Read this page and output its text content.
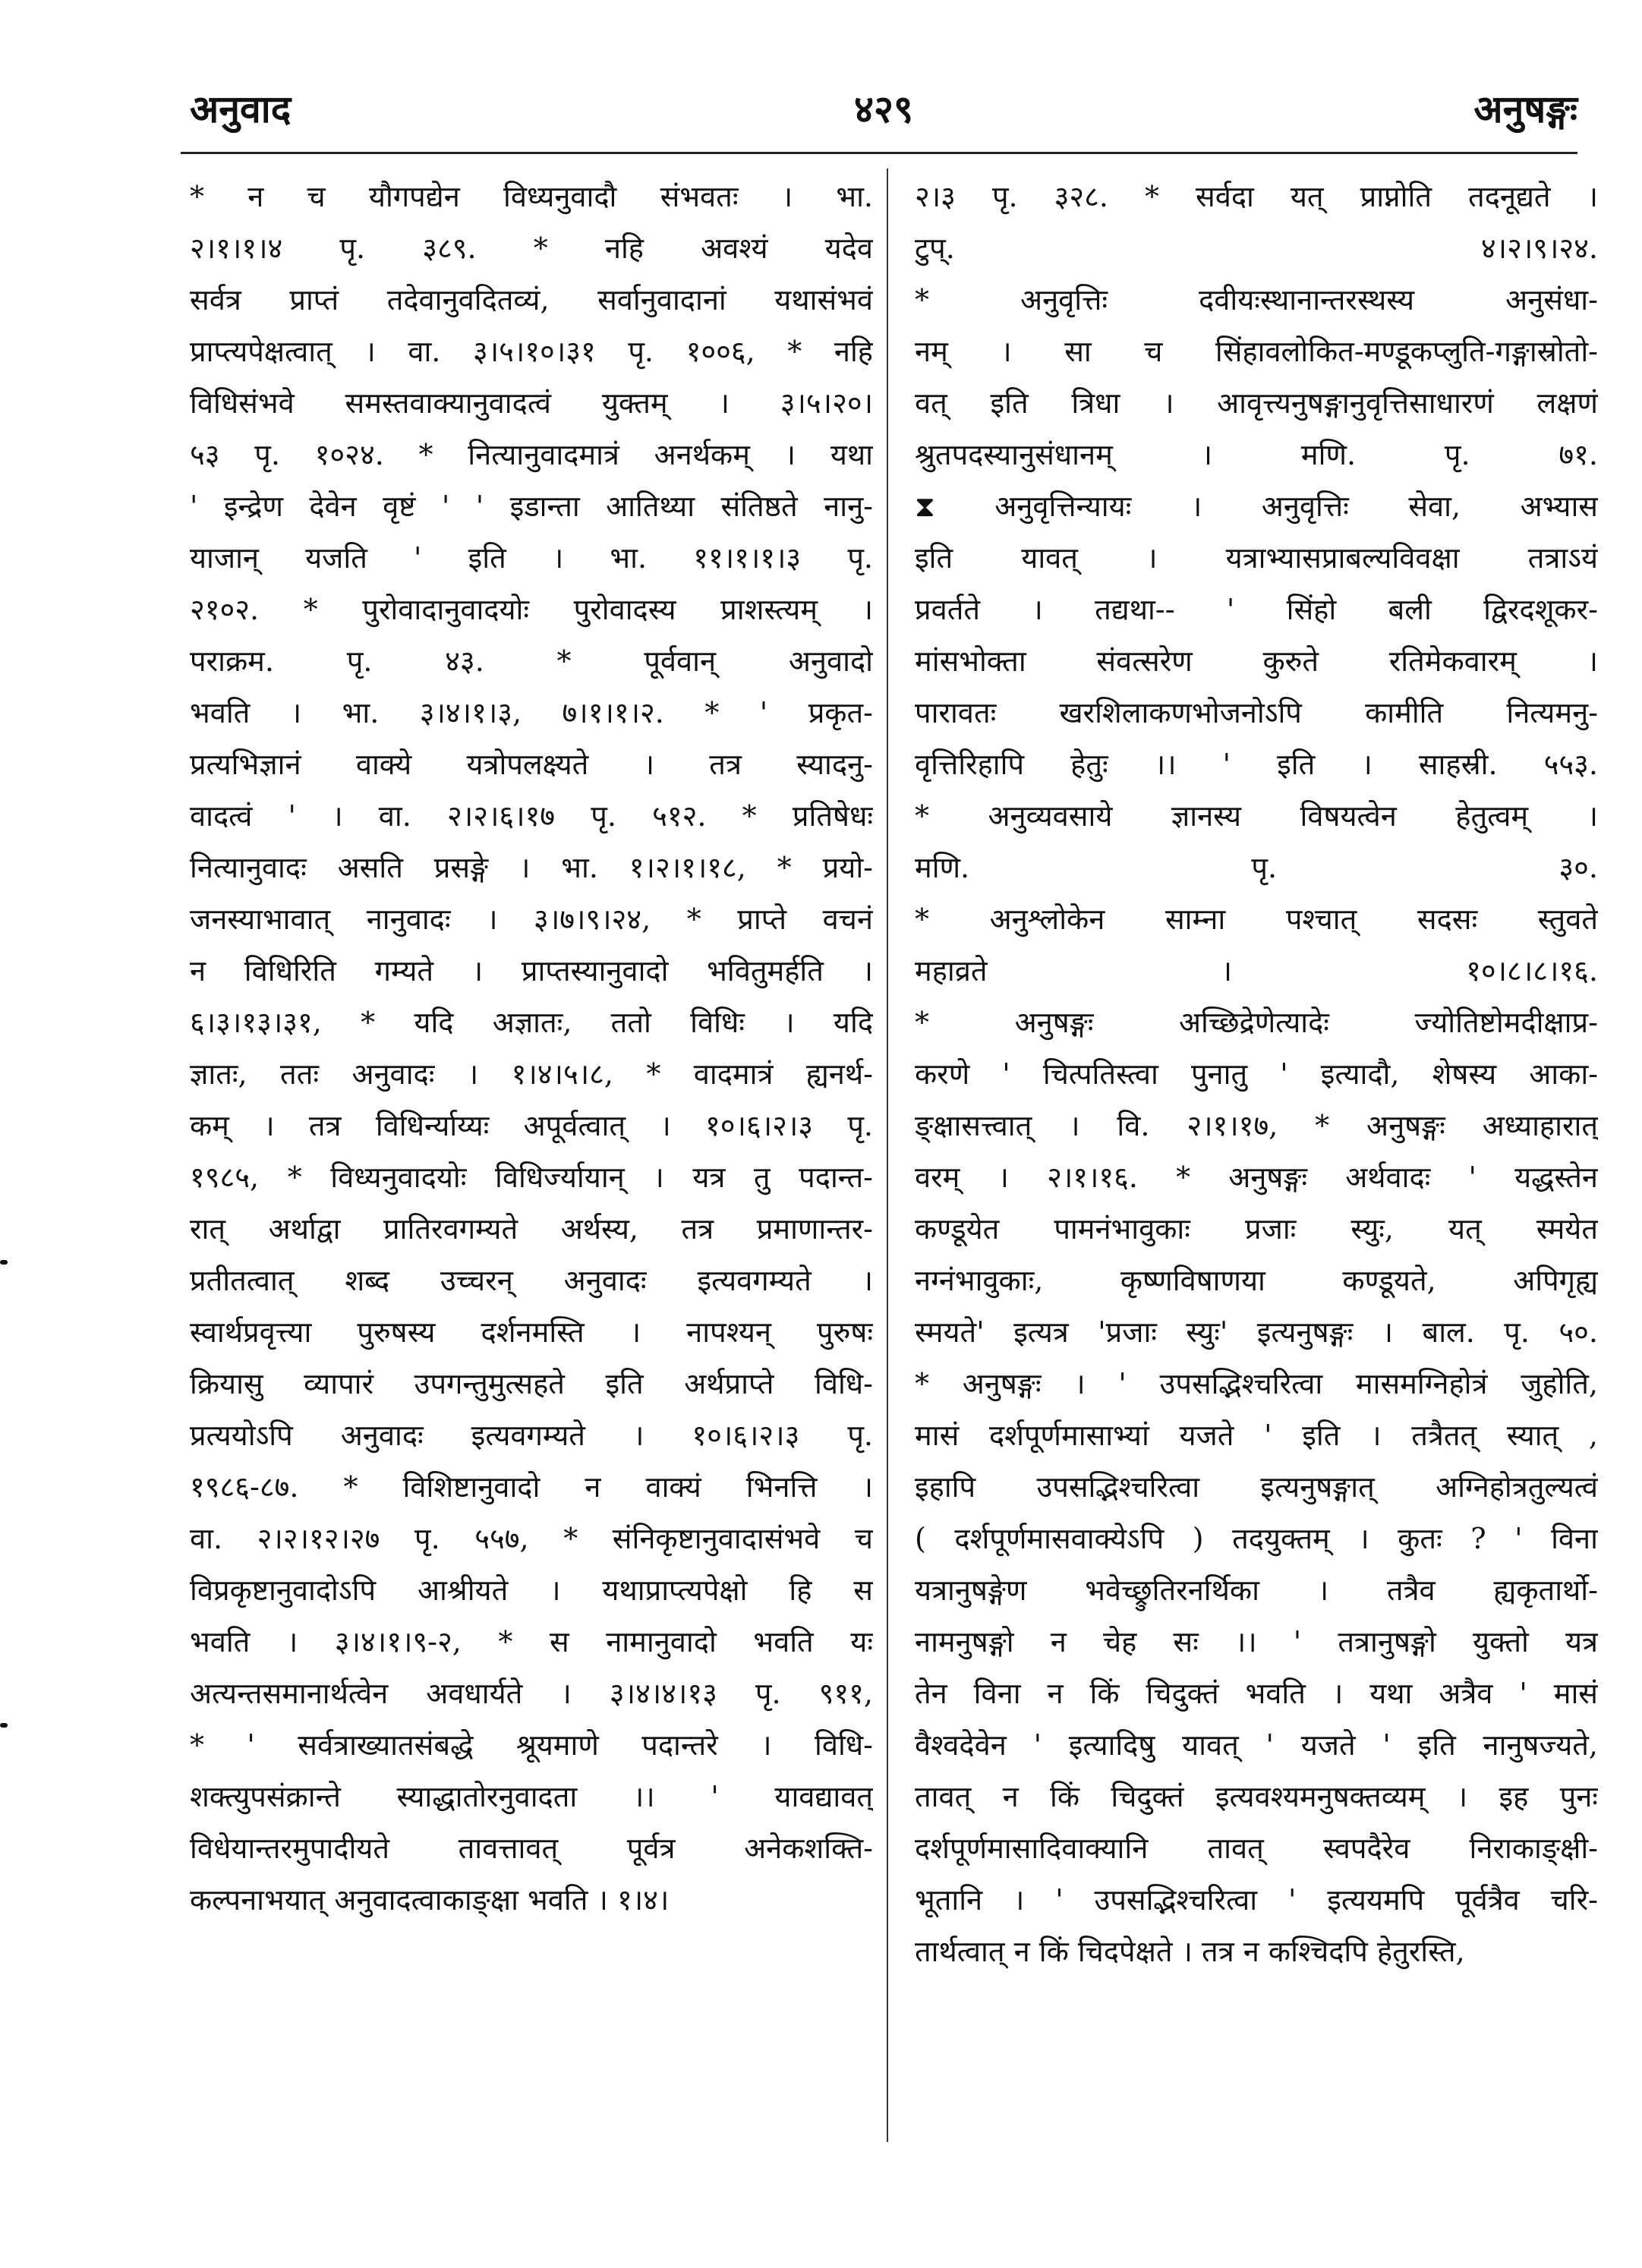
अनुवाद	४२९	अनुषङ्गः
* न च यौगपद्येन विध्यनुवादौ संभवतः । भा.
२।१।१।४ पृ. ३८९. * नहि अवश्यं यदेव
सर्वत्र प्राप्तं तदेवानुवदितव्यं, सर्वानुवादानां यथासंभवं
प्राप्त्यपेक्षत्वात् । वा. ३।५।१०।३१ पृ. १००६, * नहि
विधिसंभवे समस्तवाक्यानुवादत्वं युक्तम् । ३।५।२०।
५३ पृ. १०२४. * नित्यानुवादमात्रं अनर्थकम् । यथा
' इन्द्रेण देवेन वृष्टं ' ' इडान्ता आतिथ्या संतिष्ठते नानु-
याजान् यजति ' इति । भा. ११।१।१।३ पृ.
२१०२. * पुरोवादानुवादयोः पुरोवादस्य प्राशस्त्यम् ।
पराक्रम. पृ. ४३. * पूर्ववान् अनुवादो
भवति । भा. ३।४।१।३, ७।१।१।२. * ' प्रकृत-
प्रत्यभिज्ञानं वाक्ये यत्रोपलक्ष्यते । तत्र स्यादनु-
वादत्वं ' । वा. २।२।६।१७ पृ. ५१२. * प्रतिषेधः
नित्यानुवादः असति प्रसङ्गे । भा. १।२।१।१८, * प्रयो-
जनस्याभावात् नानुवादः । ३।७।९।२४, * प्राप्ते वचनं
न विधिरिति गम्यते । प्राप्तस्यानुवादो भवितुमर्हति ।
६।३।१३।३१, * यदि अज्ञातः, ततो विधिः । यदि
ज्ञातः, ततः अनुवादः । १।४।५।८, * वादमात्रं ह्यनर्थ-
कम् । तत्र विधिर्न्याय्यः अपूर्वत्वात् । १०।६।२।३ पृ.
१९८५, * विध्यनुवादयोः विधिर्ज्यायान् । यत्र तु पदान्त-
रात् अर्थाद्वा प्रातिरवगम्यते अर्थस्य, तत्र प्रमाणान्तर-
प्रतीतत्वात् शब्द उच्चरन् अनुवादः इत्यवगम्यते ।
स्वार्थप्रवृत्त्या पुरुषस्य दर्शनमस्ति । नापश्यन् पुरुषः
क्रियासु व्यापारं उपगन्तुमुत्सहते इति अर्थप्राप्ते विधि-
प्रत्ययोऽपि अनुवादः इत्यवगम्यते । १०।६।२।३ पृ.
१९८६-८७. * विशिष्टानुवादो न वाक्यं भिनत्ति ।
वा. २।२।१२।२७ पृ. ५५७, * संनिकृष्टानुवादासंभवे च
विप्रकृष्टानुवादोऽपि आश्रीयते । यथाप्राप्त्यपेक्षो हि स
भवति । ३।४।१।९-२, * स नामानुवादो भवति यः
अत्यन्तसमानार्थत्वेन अवधार्यते । ३।४।४।१३ पृ. ९११,
* ' सर्वत्राख्यातसंबद्धे श्रूयमाणे पदान्तरे । विधि-
शक्त्युपसंक्रान्ते स्याद्धातोरनुवादता ।। ' यावद्यावत्
विधेयान्तरमुपादीयते तावत्तावत् पूर्वत्र अनेकशक्ति-
कल्पनाभयात् अनुवादत्वाकाङ्क्षा भवति । १।४।
२।३ पृ. ३२८. * सर्वदा यत् प्राप्नोति तदनूद्यते ।
टुप्. ४।२।९।२४.
* अनुवृत्तिः दवीयःस्थानान्तरस्थस्य अनुसंधा-
नम् । सा च सिंहावलोकित-मण्डूकप्लुति-गङ्गास्रोतो-
वत् इति त्रिधा । आवृत्त्यनुषङ्गानुवृत्तिसाधारणं लक्षणं
श्रुतपदस्यानुसंधानम् । मणि. पृ. ७१.
⧗ अनुवृत्तिन्यायः । अनुवृत्तिः सेवा, अभ्यास
इति यावत् । यत्राभ्यासप्राबल्यविवक्षा तत्राऽयं
प्रवर्तते । तद्यथा-- ' सिंहो बली द्विरदशूकर-
मांसभोक्ता संवत्सरेण कुरुते रतिमेकवारम् ।
पारावतः खरशिलाकणभोजनोऽपि कामीति नित्यमनु-
वृत्तिरिहापि हेतुः ।। ' इति । साहस्री. ५५३.
* अनुव्यवसाये ज्ञानस्य विषयत्वेन हेतुत्वम् ।
मणि. पृ. ३०.
* अनुश्लोकेन साम्ना पश्चात् सदसः स्तुवते
महाव्रते । १०।८।८।१६.
* अनुषङ्गः अच्छिद्रेणेत्यादेः ज्योतिष्टोमदीक्षाप्र-
करणे ' चित्पतिस्त्वा पुनातु ' इत्यादौ, शेषस्य आका-
ङ्क्षासत्त्वात् । वि. २।१।१७, * अनुषङ्गः अध्याहारात्
वरम् । २।१।१६. * अनुषङ्गः अर्थवादः ' यद्धस्तेन
कण्डूयेत पामनंभावुकाः प्रजाः स्युः, यत् स्मयेत
नग्नंभावुकाः, कृष्णविषाणया कण्डूयते, अपिगृह्य
स्मयते' इत्यत्र 'प्रजाः स्युः' इत्यनुषङ्गः । बाल. पृ. ५०.
* अनुषङ्गः । ' उपसद्भिश्चरित्वा मासमग्निहोत्रं जुहोति,
मासं दर्शपूर्णमासाभ्यां यजते ' इति । तत्रैतत् स्यात् ,
इहापि उपसद्भिश्चरित्वा इत्यनुषङ्गात् अग्निहोत्रतुल्यत्वं
( दर्शपूर्णमासवाक्येऽपि ) तदयुक्तम् । कुतः ? ' विना
यत्रानुषङ्गेण भवेच्छ्रुतिरनर्थिका । तत्रैव ह्यकृतार्थो-
नामनुषङ्गो न चेह सः ।। ' तत्रानुषङ्गो युक्तो यत्र
तेन विना न किं चिदुक्तं भवति । यथा अत्रैव ' मासं
वैश्वदेवेन ' इत्यादिषु यावत् ' यजते ' इति नानुषज्यते,
तावत् न किं चिदुक्तं इत्यवश्यमनुषक्तव्यम् । इह पुनः
दर्शपूर्णमासादिवाक्यानि तावत् स्वपदैरेव निराकाङ्क्षी-
भूतानि । ' उपसद्भिश्चरित्वा ' इत्ययमपि पूर्वत्रैव चरि-
तार्थत्वात् न किं चिदपेक्षते । तत्र न कश्चिदपि हेतुरस्ति,
